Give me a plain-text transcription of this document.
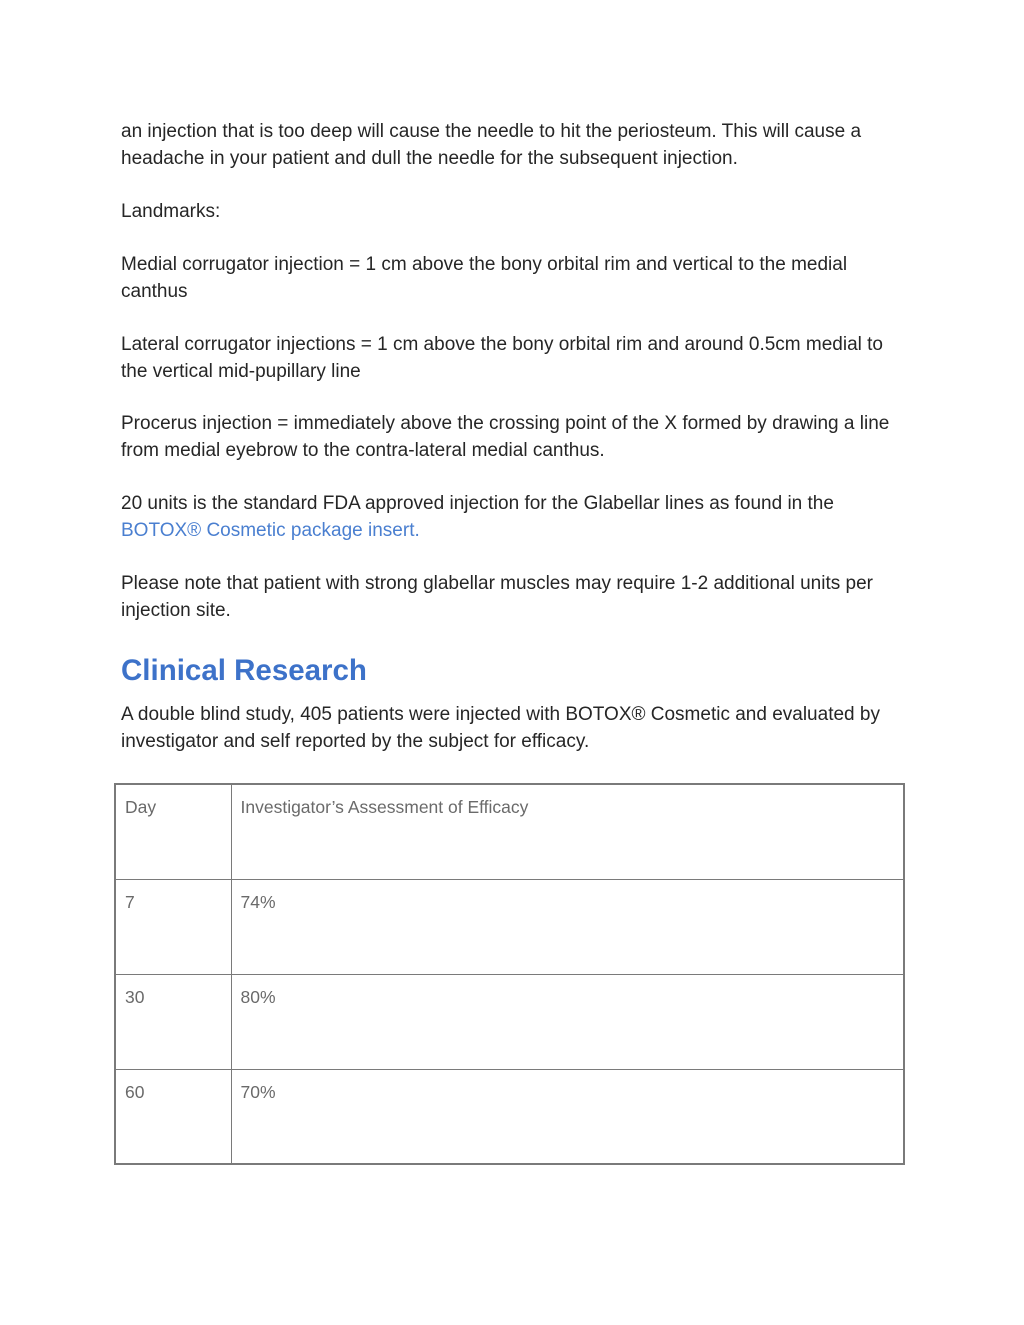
an injection that is too deep will cause the needle to hit the periosteum. This will cause a headache in your patient and dull the needle for the subsequent injection.

Landmarks:

Medial corrugator injection = 1 cm above the bony orbital rim and vertical to the medial canthus

Lateral corrugator injections = 1 cm above the bony orbital rim and around 0.5cm medial to the vertical mid-pupillary line

Procerus injection = immediately above the crossing point of the X formed by drawing a line from medial eyebrow to the contra-lateral medial canthus.

20 units is the standard FDA approved injection for the Glabellar lines as found in the BOTOX® Cosmetic package insert.

Please note that patient with strong glabellar muscles may require 1-2 additional units per injection site.

Clinical Research

A double blind study, 405 patients were injected with BOTOX® Cosmetic and evaluated by investigator and self reported by the subject for efficacy.

Day	Investigator’s Assessment of Efficacy
7	74%
30	80%
60	70%
